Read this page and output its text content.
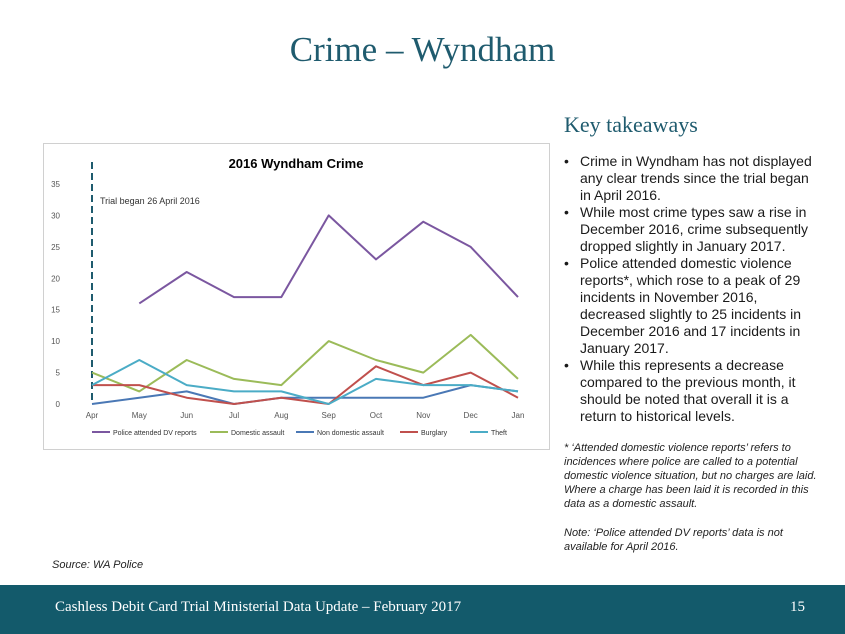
Crime – Wyndham
2016 Wyndham Crime
0
5
10
15
20
25
30
35
Apr	May	Jun	Jul	Aug	Sep	Oct	Nov	Dec	Jan
Trial began 26 April 2016
Police attended DV reports	Domestic assault	Non domestic assault	Burglary	Theft
Key takeaways
• Crime in Wyndham has not displayed any clear trends since the trial began in April 2016.
• While most crime types saw a rise in December 2016, crime subsequently dropped slightly in January 2017.
• Police attended domestic violence reports*, which rose to a peak of 29 incidents in November 2016, decreased slightly to 25 incidents in December 2016 and 17 incidents in January 2017.
• While this represents a decrease compared to the previous month, it should be noted that overall it is a return to historical levels.

* ‘Attended domestic violence reports’ refers to incidences where police are called to a potential domestic violence situation, but no charges are laid. Where a charge has been laid it is recorded in this data as a domestic assault.

Note: ‘Police attended DV reports’ data is not available for April 2016.

Source: WA Police
Cashless Debit Card Trial Ministerial Data Update – February 2017	15
